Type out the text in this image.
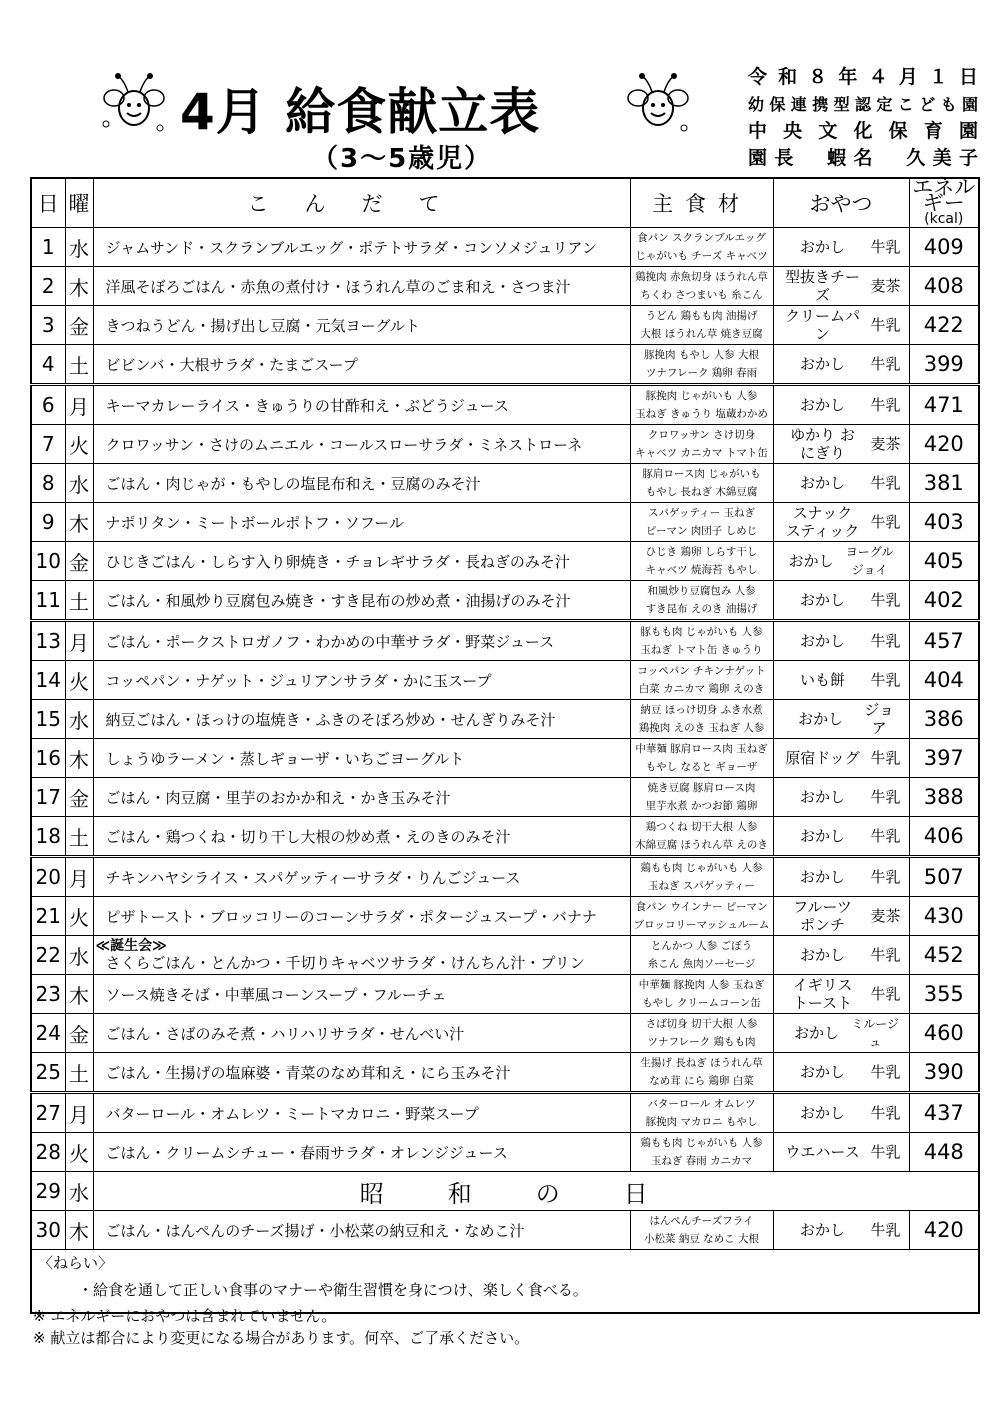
4月 給食献立表
（3～5歳児）
令和８年４月１日
幼保連携型認定こども園
中央文化保育園
園長　蝦名　久美子
日	曜	こんだて	主食材	おやつ	エネルギー
(kcal)

1	水	ジャムサンド・スクランブルエッグ・ポテトサラダ・コンソメジュリアン	食パン スクランブルエッグ
じゃがいも チーズ キャベツ	おかし 牛乳	409
2	木	洋風そぼろごはん・赤魚の煮付け・ほうれん草のごま和え・さつま汁	鶏挽肉 赤魚切身 ほうれん草
ちくわ さつまいも 糸こん	型抜きチーズ 麦茶	408
3	金	きつねうどん・揚げ出し豆腐・元気ヨーグルト	うどん 鶏もも肉 油揚げ
大根 ほうれん草 焼き豆腐	クリームパン 牛乳	422
4	土	ビビンバ・大根サラダ・たまごスープ	豚挽肉 もやし 人参 大根
ツナフレーク 鶏卵 春雨	おかし 牛乳	399
6	月	キーマカレーライス・きゅうりの甘酢和え・ぶどうジュース	豚挽肉 じゃがいも 人参
玉ねぎ きゅうり 塩蔵わかめ	おかし 牛乳	471
7	火	クロワッサン・さけのムニエル・コールスローサラダ・ミネストローネ	クロワッサン さけ切身
キャベツ カニカマ トマト缶	ゆかり おにぎり 麦茶	420
8	水	ごはん・肉じゃが・もやしの塩昆布和え・豆腐のみそ汁	豚肩ロース肉 じゃがいも
もやし 長ねぎ 木綿豆腐	おかし 牛乳	381
9	木	ナポリタン・ミートボールポトフ・ソフール	スパゲッティー 玉ねぎ
ピーマン 肉団子 しめじ	スナック スティック 牛乳	403
10	金	ひじきごはん・しらす入り卵焼き・チョレギサラダ・長ねぎのみそ汁	ひじき 鶏卵 しらす干し
キャベツ 焼海苔 もやし	おかし ヨーグル ジョイ	405
11	土	ごはん・和風炒り豆腐包み焼き・すき昆布の炒め煮・油揚げのみそ汁	和風炒り豆腐包み 人参
すき昆布 えのき 油揚げ	おかし 牛乳	402
13	月	ごはん・ポークストロガノフ・わかめの中華サラダ・野菜ジュース	豚もも肉 じゃがいも 人参
玉ねぎ トマト缶 きゅうり	おかし 牛乳	457
14	火	コッペパン・ナゲット・ジュリアンサラダ・かに玉スープ	コッペパン チキンナゲット
白菜 カニカマ 鶏卵 えのき	いも餅 牛乳	404
15	水	納豆ごはん・ほっけの塩焼き・ふきのそぼろ炒め・せんぎりみそ汁	納豆 ほっけ切身 ふき水煮
鶏挽肉 えのき 玉ねぎ 人参	おかし ジョア	386
16	木	しょうゆラーメン・蒸しギョーザ・いちごヨーグルト	中華麺 豚肩ロース肉 玉ねぎ
もやし なると ギョーザ	原宿ドッグ 牛乳	397
17	金	ごはん・肉豆腐・里芋のおかか和え・かき玉みそ汁	焼き豆腐 豚肩ロース肉
里芋水煮 かつお節 鶏卵	おかし 牛乳	388
18	土	ごはん・鶏つくね・切り干し大根の炒め煮・えのきのみそ汁	鶏つくね 切干大根 人参
木綿豆腐 ほうれん草 えのき	おかし 牛乳	406
20	月	チキンハヤシライス・スパゲッティーサラダ・りんごジュース	鶏もも肉 じゃがいも 人参
玉ねぎ スパゲッティー	おかし 牛乳	507
21	火	ピザトースト・ブロッコリーのコーンサラダ・ポタージュスープ・バナナ	食パン ウインナー ピーマン
ブロッコリーマッシュルーム	フルーツ ポンチ 麦茶	430
22	水	≪誕生会≫
さくらごはん・とんかつ・千切りキャベツサラダ・けんちん汁・プリン	とんかつ 人参 ごぼう
糸こん 魚肉ソーセージ	おかし 牛乳	452
23	木	ソース焼きそば・中華風コーンスープ・フルーチェ	中華麺 豚挽肉 人参 玉ねぎ
もやし クリームコーン缶	イギリス トースト 牛乳	355
24	金	ごはん・さばのみそ煮・ハリハリサラダ・せんべい汁	さば切身 切干大根 人参
ツナフレーク 鶏もも肉	おかし ミルージュ	460
25	土	ごはん・生揚げの塩麻婆・青菜のなめ茸和え・にら玉みそ汁	生揚げ 長ねぎ ほうれん草
なめ茸 にら 鶏卵 白菜	おかし 牛乳	390
27	月	バターロール・オムレツ・ミートマカロニ・野菜スープ	バターロール オムレツ
豚挽肉 マカロニ もやし	おかし 牛乳	437
28	火	ごはん・クリームシチュー・春雨サラダ・オレンジジュース	鶏もも肉 じゃがいも 人参
玉ねぎ 春雨 カニカマ	ウエハース 牛乳	448
29	水	昭和の日			
30	木	ごはん・はんぺんのチーズ揚げ・小松菜の納豆和え・なめこ汁	はんぺんチーズフライ
小松菜 納豆 なめこ 大根	おかし 牛乳	420
〈ねらい〉
・給食を通して正しい食事のマナーや衛生習慣を身につけ、楽しく食べる。					
※ エネルギーにおやつは含まれていません。
※ 献立は都合により変更になる場合があります。何卒、ご了承ください。
